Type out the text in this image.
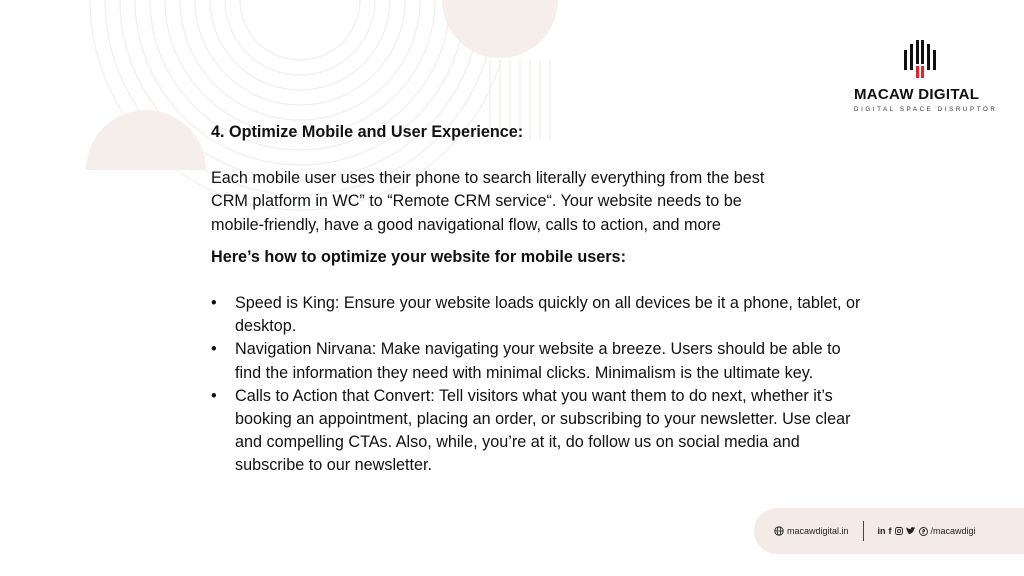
MACAW DIGITAL
DIGITAL SPACE DISRUPTOR

4. Optimize Mobile and User Experience:

Each mobile user uses their phone to search literally everything from the best CRM platform in WC” to “Remote CRM service“. Your website needs to be mobile-friendly, have a good navigational flow, calls to action, and more

Here’s how to optimize your website for mobile users:

• Speed is King: Ensure your website loads quickly on all devices be it a phone, tablet, or desktop.
• Navigation Nirvana: Make navigating your website a breeze. Users should be able to find the information they need with minimal clicks. Minimalism is the ultimate key.
• Calls to Action that Convert: Tell visitors what you want them to do next, whether it’s booking an appointment, placing an order, or subscribing to your newsletter. Use clear and compelling CTAs. Also, while, you’re at it, do follow us on social media and subscribe to our newsletter.
macawdigital.in	in f	/macawdigi
